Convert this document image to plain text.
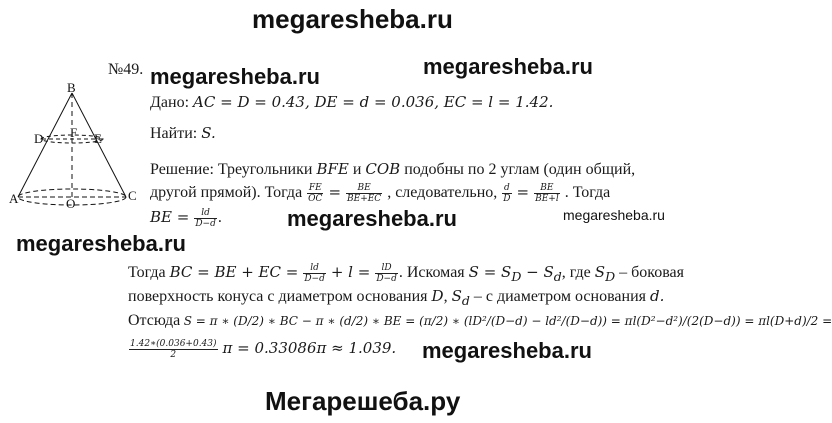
megaresheba.ru
megaresheba.ru	megaresheba.ru
megaresheba.ru
megaresheba.ru
megaresheba.ru
megaresheba.ru
Мегарешеба.ру
№49.
B
D F E
A	O
C
Дано: AC = D = 0.43, DE = d = 0.036, EC = l = 1.42.
Найти: S.
Решение: Треугольники BFE и COB подобны по 2 углам (один общий,
другой прямой). Тогда $\frac{FE}{OC} = \frac{BE}{BE+EC}$ , следовательно, $\frac{d}{D} = \frac{BE}{BE+l}$ . Тогда
BE = $\frac{ld}{D-d}$ .
Тогда BC = BE + EC = $\frac{ld}{D-d} + l = \frac{lD}{D-d}$ . Искомая $S = S_D - S_d$, где $S_D$ – боковая
поверхность конуса с диаметром основания D, $S_d$ – с диаметром основания d.
Отсюда S = π ∗ (D/2) ∗ BC − π ∗ (d/2) ∗ BE = (π/2) ∗ (lD²/(D−d) − ld²/(D−d)) = πl(D²−d²)/(2(D−d)) = πl(D+d)/2 =
$\frac{1.42∗(0.036+0.43)}{2}$ π = 0.33086π ≈ 1.039.
